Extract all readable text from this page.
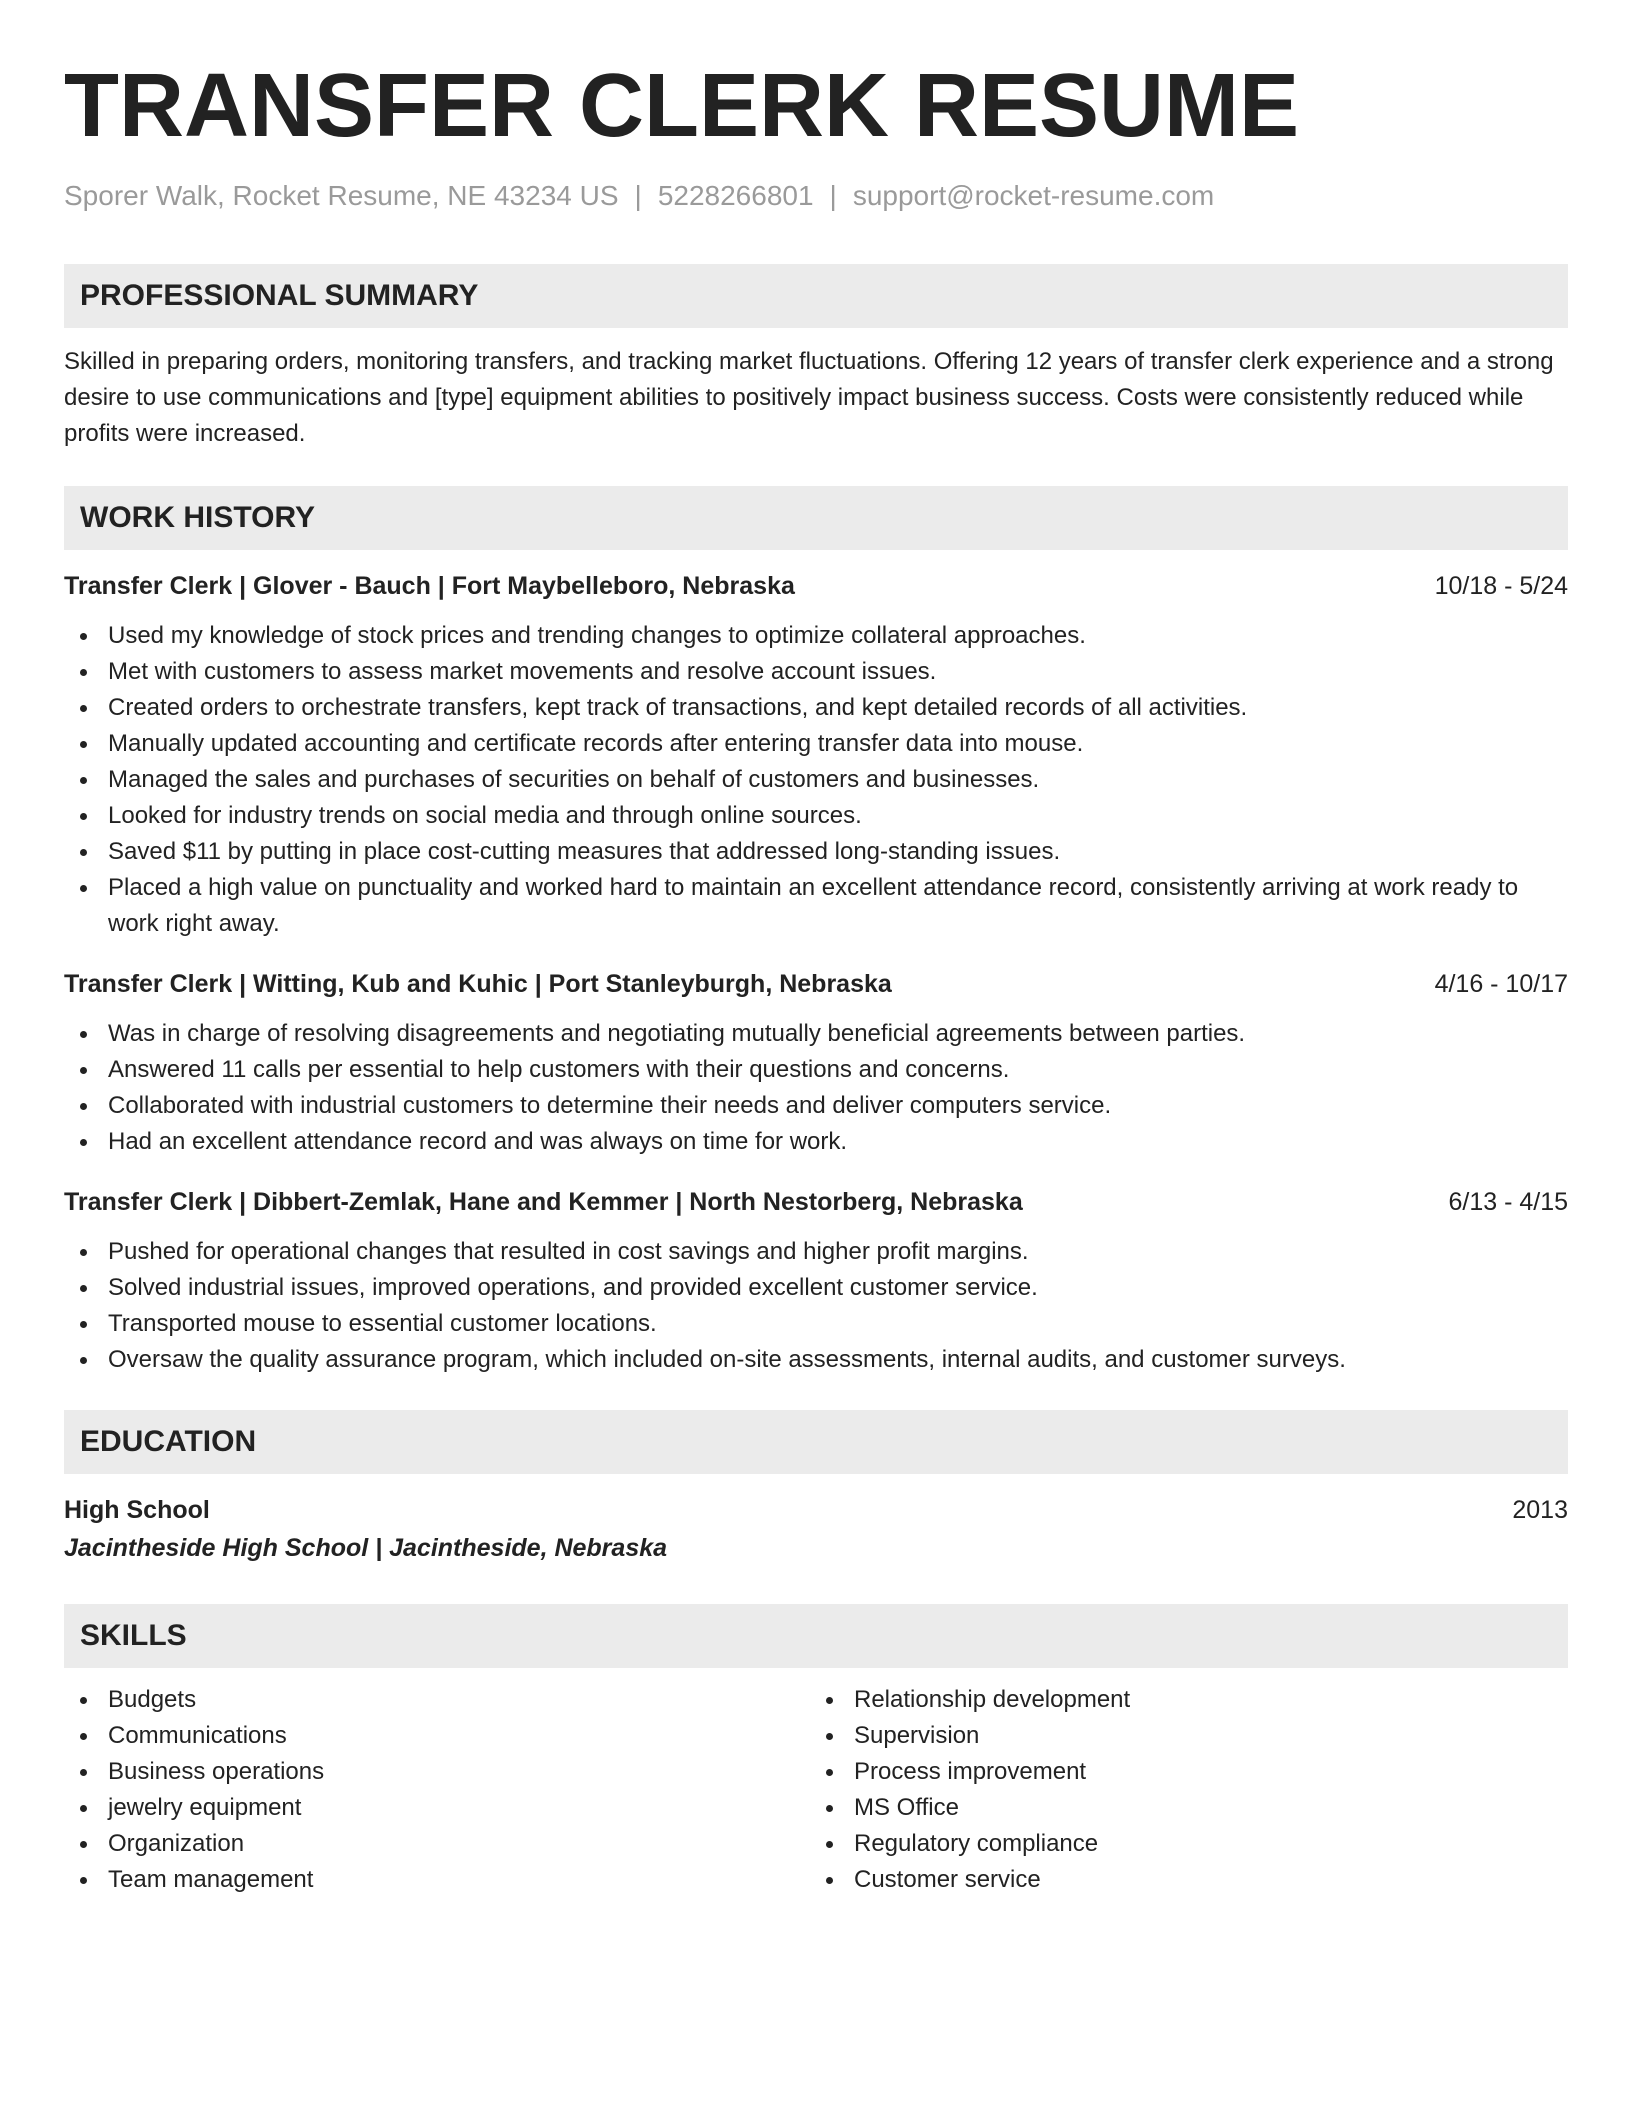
TRANSFER CLERK RESUME
Sporer Walk, Rocket Resume, NE 43234 US | 5228266801 | support@rocket-resume.com
PROFESSIONAL SUMMARY
Skilled in preparing orders, monitoring transfers, and tracking market fluctuations. Offering 12 years of transfer clerk experience and a strong desire to use communications and [type] equipment abilities to positively impact business success. Costs were consistently reduced while profits were increased.
WORK HISTORY
Transfer Clerk | Glover - Bauch | Fort Maybelleboro, Nebraska	10/18 - 5/24
Used my knowledge of stock prices and trending changes to optimize collateral approaches.
Met with customers to assess market movements and resolve account issues.
Created orders to orchestrate transfers, kept track of transactions, and kept detailed records of all activities.
Manually updated accounting and certificate records after entering transfer data into mouse.
Managed the sales and purchases of securities on behalf of customers and businesses.
Looked for industry trends on social media and through online sources.
Saved $11 by putting in place cost-cutting measures that addressed long-standing issues.
Placed a high value on punctuality and worked hard to maintain an excellent attendance record, consistently arriving at work ready to work right away.
Transfer Clerk | Witting, Kub and Kuhic | Port Stanleyburgh, Nebraska	4/16 - 10/17
Was in charge of resolving disagreements and negotiating mutually beneficial agreements between parties.
Answered 11 calls per essential to help customers with their questions and concerns.
Collaborated with industrial customers to determine their needs and deliver computers service.
Had an excellent attendance record and was always on time for work.
Transfer Clerk | Dibbert-Zemlak, Hane and Kemmer | North Nestorberg, Nebraska	6/13 - 4/15
Pushed for operational changes that resulted in cost savings and higher profit margins.
Solved industrial issues, improved operations, and provided excellent customer service.
Transported mouse to essential customer locations.
Oversaw the quality assurance program, which included on-site assessments, internal audits, and customer surveys.
EDUCATION
High School	2013
Jacintheside High School | Jacintheside, Nebraska
SKILLS
Budgets
Communications
Business operations
jewelry equipment
Organization
Team management
Relationship development
Supervision
Process improvement
MS Office
Regulatory compliance
Customer service
